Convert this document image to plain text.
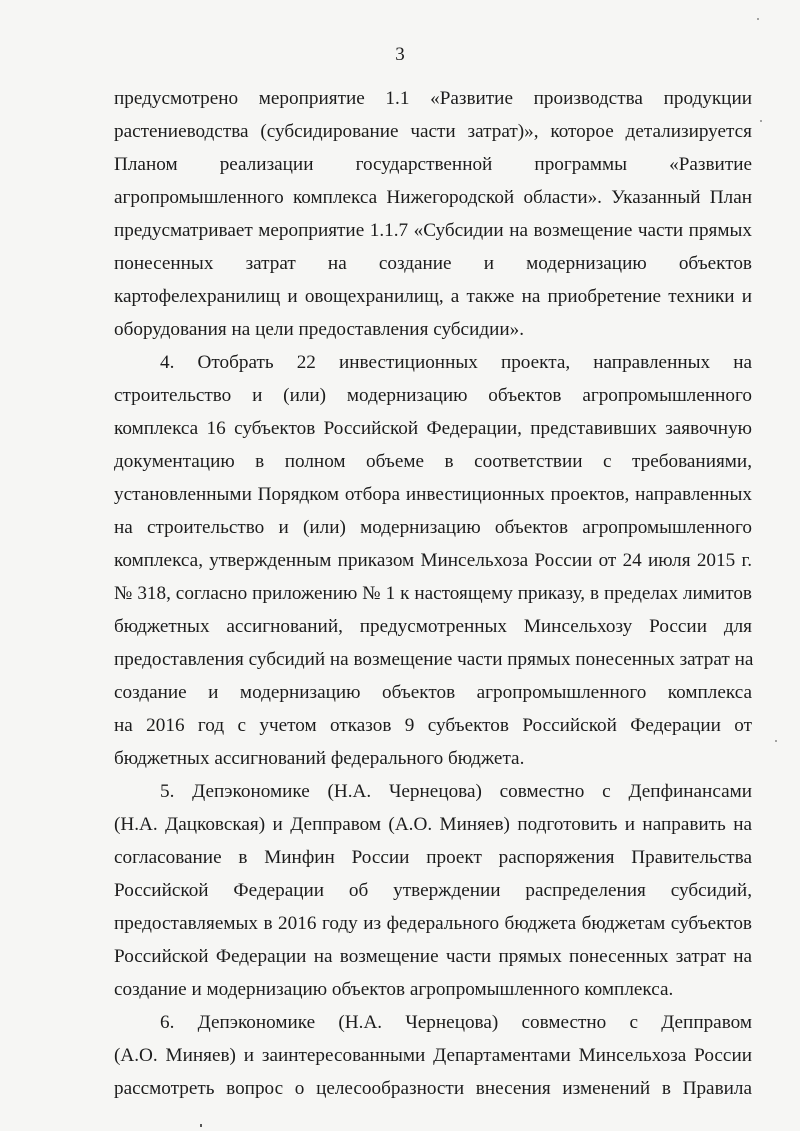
3
предусмотрено мероприятие 1.1 «Развитие производства продукции
растениеводства (субсидирование части затрат)», которое детализируется
Планом реализации государственной программы «Развитие
агропромышленного комплекса Нижегородской области». Указанный План
предусматривает мероприятие 1.1.7 «Субсидии на возмещение части прямых
понесенных затрат на создание и модернизацию объектов
картофелехранилищ и овощехранилищ, а также на приобретение техники и
оборудования на цели предоставления субсидии».
4. Отобрать 22 инвестиционных проекта, направленных на
строительство и (или) модернизацию объектов агропромышленного
комплекса 16 субъектов Российской Федерации, представивших заявочную
документацию в полном объеме в соответствии с требованиями,
установленными Порядком отбора инвестиционных проектов, направленных
на строительство и (или) модернизацию объектов агропромышленного
комплекса, утвержденным приказом Минсельхоза России от 24 июля 2015 г.
№ 318, согласно приложению № 1 к настоящему приказу, в пределах лимитов
бюджетных ассигнований, предусмотренных Минсельхозу России для
предоставления субсидий на возмещение части прямых понесенных затрат на
создание и модернизацию объектов агропромышленного комплекса
на 2016 год с учетом отказов 9 субъектов Российской Федерации от
бюджетных ассигнований федерального бюджета.
5. Депэкономике (Н.А. Чернецова) совместно с Депфинансами
(Н.А. Дацковская) и Депправом (А.О. Миняев) подготовить и направить на
согласование в Минфин России проект распоряжения Правительства
Российской Федерации об утверждении распределения субсидий,
предоставляемых в 2016 году из федерального бюджета бюджетам субъектов
Российской Федерации на возмещение части прямых понесенных затрат на
создание и модернизацию объектов агропромышленного комплекса.
6. Депэкономике (Н.А. Чернецова) совместно с Депправом
(А.О. Миняев) и заинтересованными Департаментами Минсельхоза России
рассмотреть вопрос о целесообразности внесения изменений в Правила
